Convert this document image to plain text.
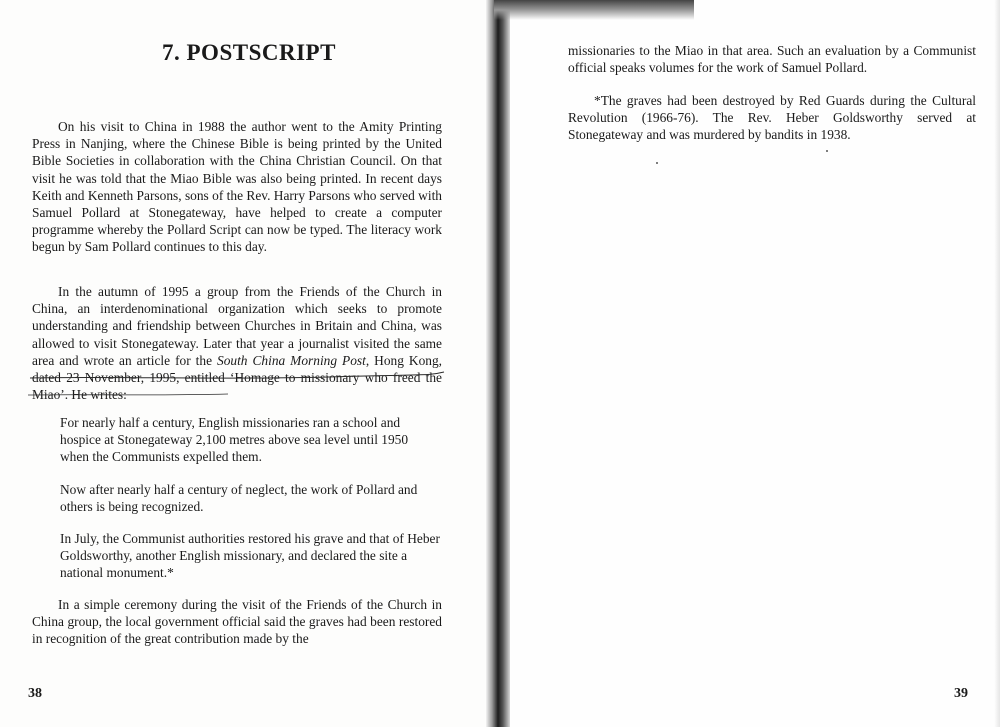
7. POSTSCRIPT

On his visit to China in 1988 the author went to the Amity Printing Press in Nanjing, where the Chinese Bible is being printed by the United Bible Societies in collaboration with the China Christian Council. On that visit he was told that the Miao Bible was also being printed. In recent days Keith and Kenneth Parsons, sons of the Rev. Harry Parsons who served with Samuel Pollard at Stonegateway, have helped to create a computer programme whereby the Pollard Script can now be typed. The literacy work begun by Sam Pollard continues to this day.

In the autumn of 1995 a group from the Friends of the Church in China, an interdenominational organization which seeks to promote understanding and friendship between Churches in Britain and China, was allowed to visit Stonegateway. Later that year a journalist visited the same area and wrote an article for the South China Morning Post, Hong Kong, dated 23 November, 1995, entitled ‘Homage to missionary who freed the Miao’. He writes:

For nearly half a century, English missionaries ran a school and hospice at Stonegateway 2,100 metres above sea level until 1950 when the Communists expelled them.

Now after nearly half a century of neglect, the work of Pollard and others is being recognized.

In July, the Communist authorities restored his grave and that of Heber Goldsworthy, another English missionary, and declared the site a national monument.*

In a simple ceremony during the visit of the Friends of the Church in China group, the local government official said the graves had been restored in recognition of the great contribution made by the

38

missionaries to the Miao in that area. Such an evaluation by a Communist official speaks volumes for the work of Samuel Pollard.

*The graves had been destroyed by Red Guards during the Cultural Revolution (1966-76). The Rev. Heber Goldsworthy served at Stonegateway and was murdered by bandits in 1938.

39
